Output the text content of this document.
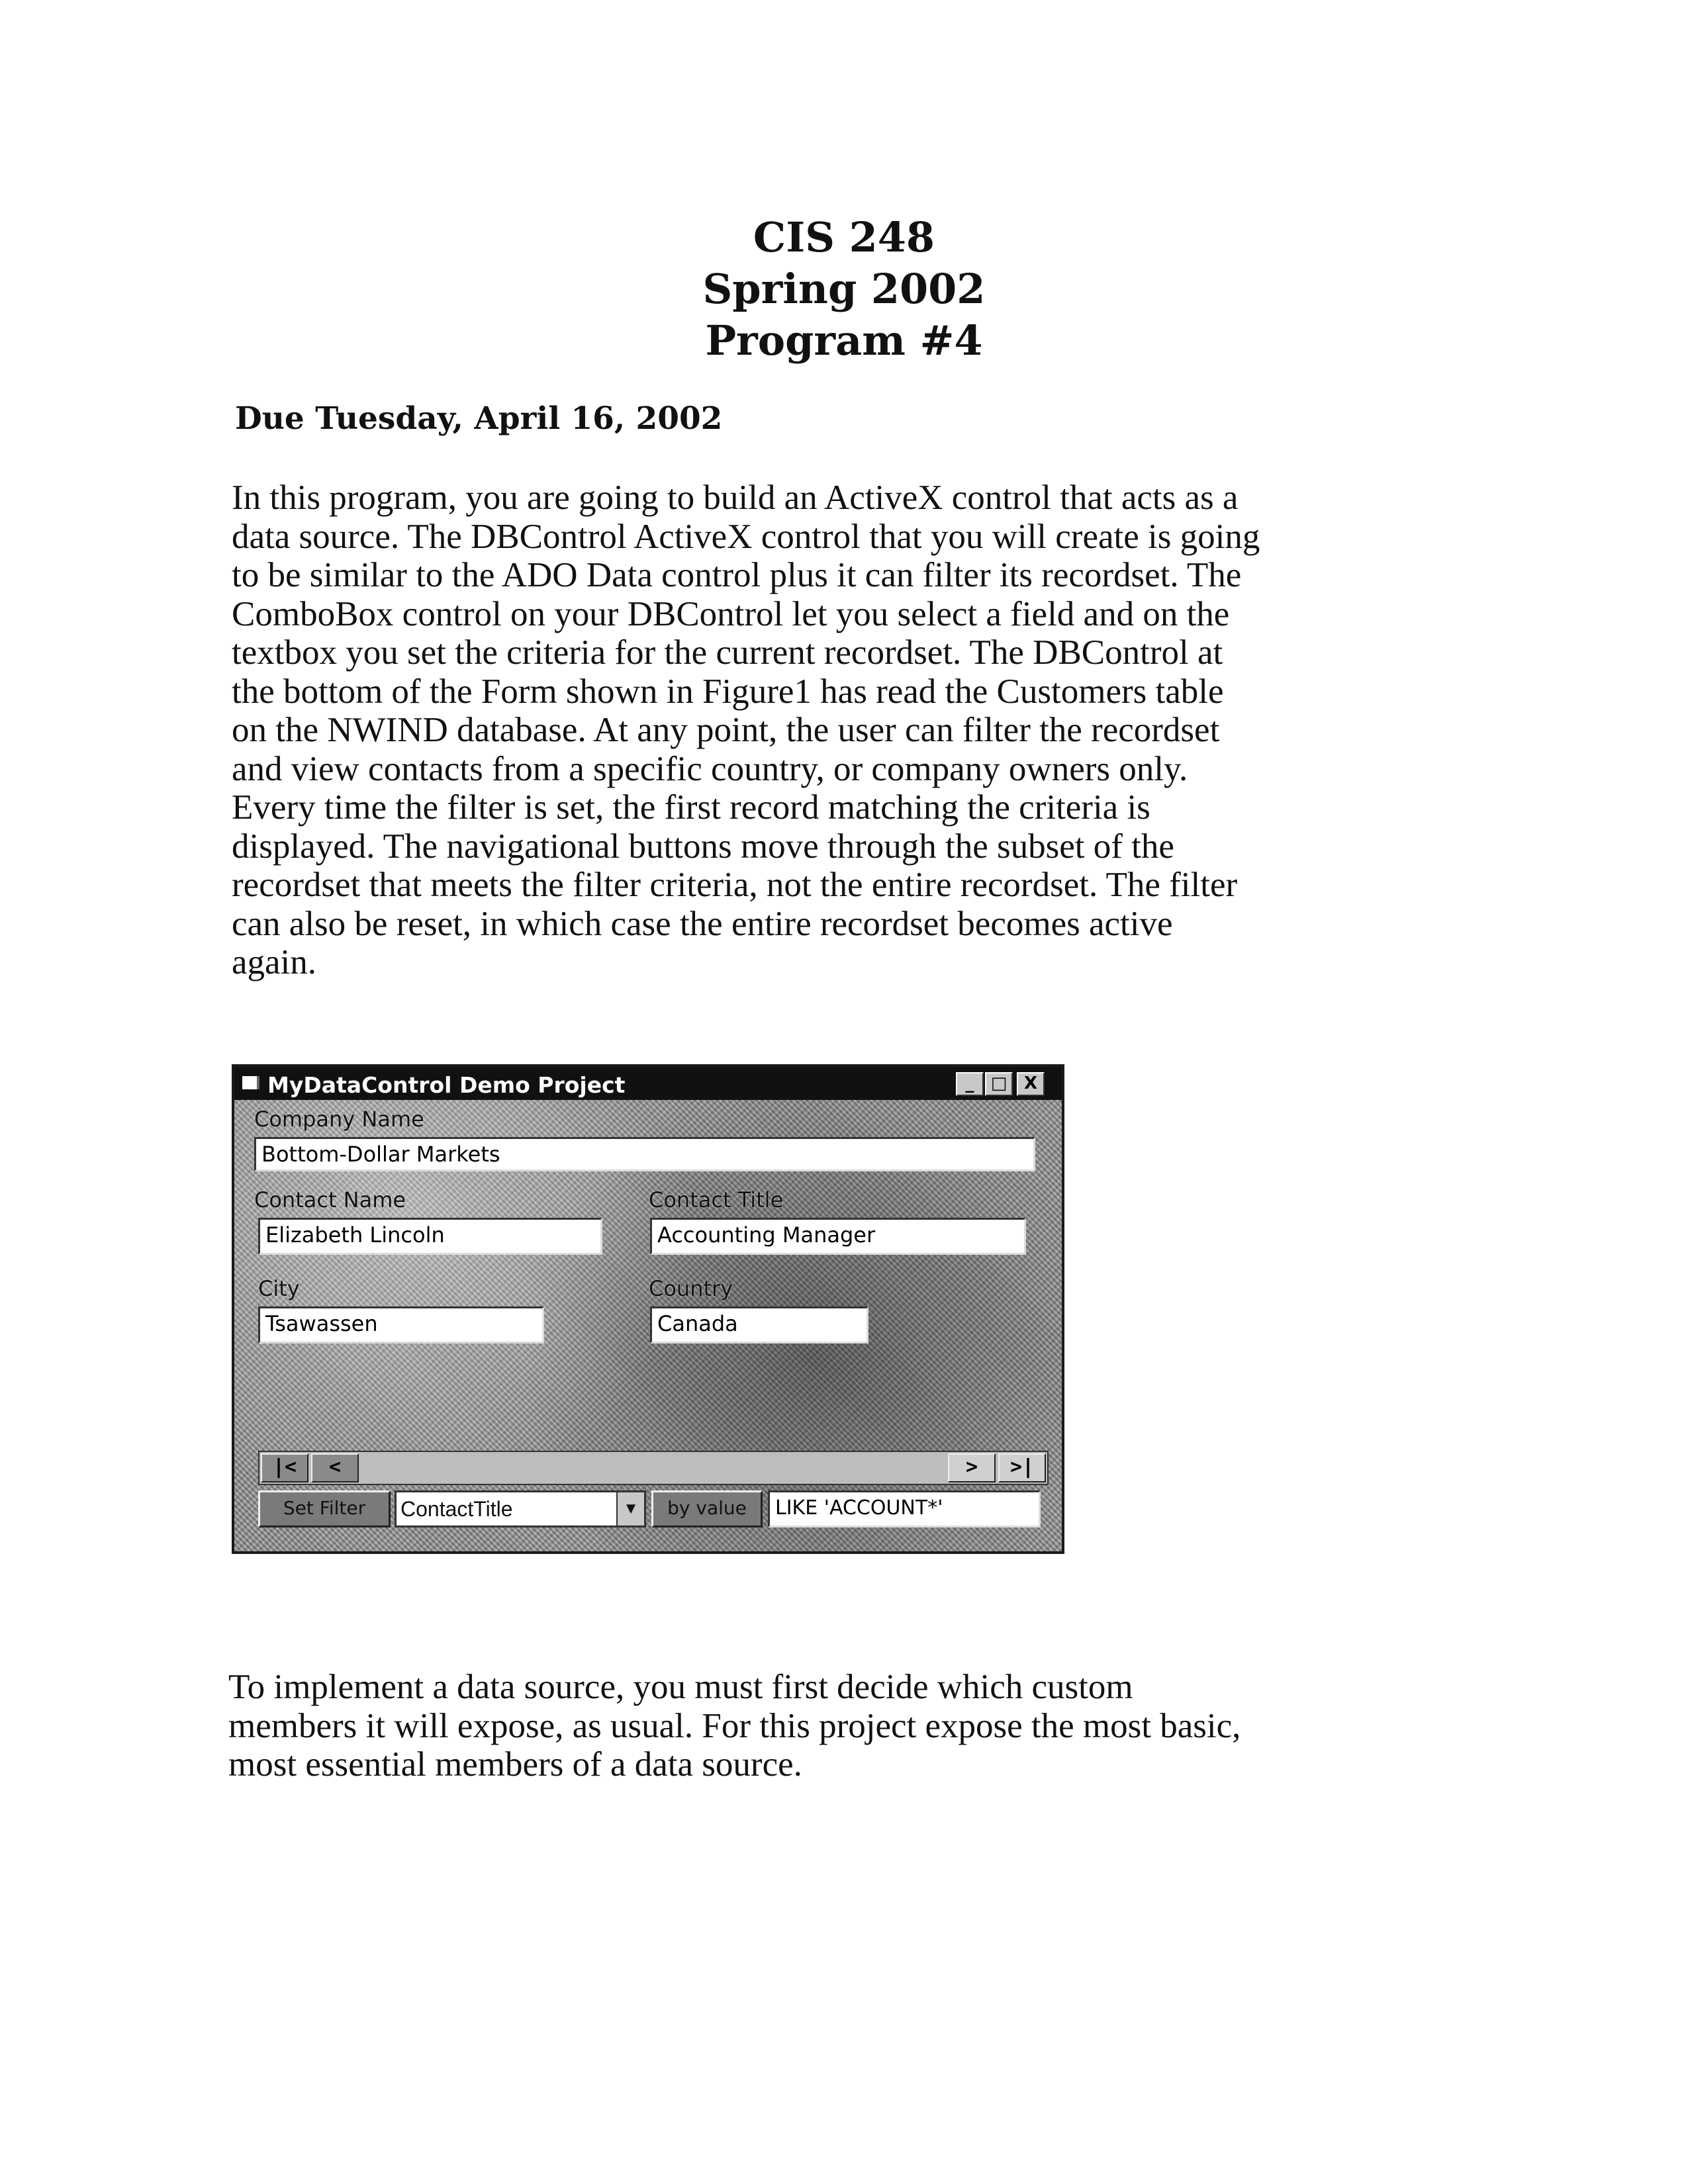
CIS 248
Spring 2002
Program #4
Due Tuesday, April 16, 2002
In this program, you are going to build an ActiveX control that acts as a
data source. The DBControl ActiveX control that you will create is going
to be similar to the ADO Data control plus it can filter its recordset. The
ComboBox control on your DBControl let you select a field and on the
textbox you set the criteria for the current recordset. The DBControl at
the bottom of the Form shown in Figure1 has read the Customers table
on the NWIND database. At any point, the user can filter the recordset
and view contacts from a specific country, or company owners only.
Every time the filter is set, the first record matching the criteria is
displayed. The navigational buttons move through the subset of the
recordset that meets the filter criteria, not the entire recordset. The filter
can also be reset, in which case the entire recordset becomes active
again.
MyDataControl Demo Project	_ □ X
Company Name
Bottom-Dollar Markets
Contact Name
Elizabeth Lincoln
Contact Title
Accounting Manager
City
Tsawassen
Country
Canada
|<	<	>	>|
Set Filter	ContactTitle	▼	by value	LIKE 'ACCOUNT*'
To implement a data source, you must first decide which custom
members it will expose, as usual. For this project expose the most basic,
most essential members of a data source.
